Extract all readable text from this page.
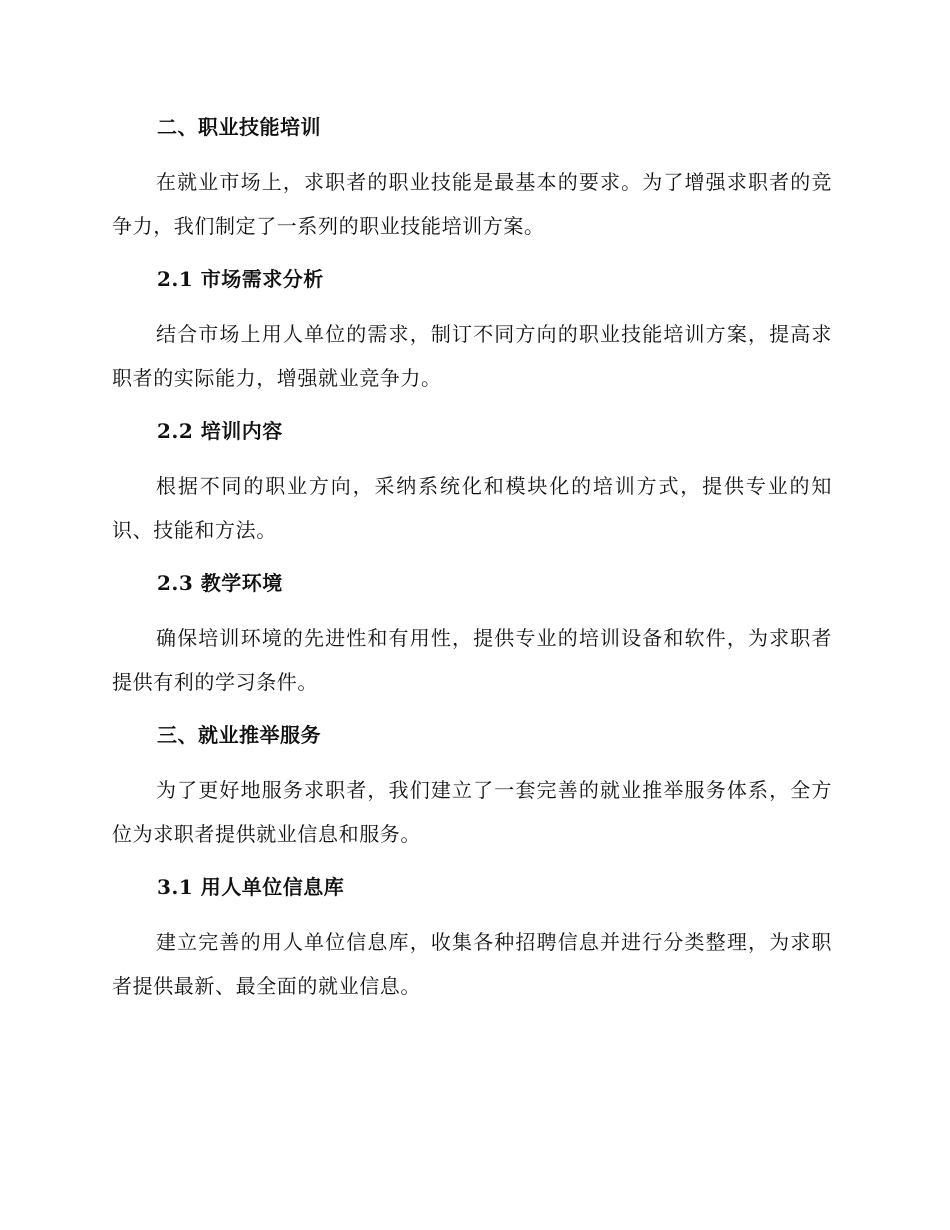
二、职业技能培训
在就业市场上，求职者的职业技能是最基本的要求。为了增强求职者的竞争力，我们制定了一系列的职业技能培训方案。
2.1 市场需求分析
结合市场上用人单位的需求，制订不同方向的职业技能培训方案，提高求职者的实际能力，增强就业竞争力。
2.2 培训内容
根据不同的职业方向，采纳系统化和模块化的培训方式，提供专业的知识、技能和方法。
2.3 教学环境
确保培训环境的先进性和有用性，提供专业的培训设备和软件，为求职者提供有利的学习条件。
三、就业推举服务
为了更好地服务求职者，我们建立了一套完善的就业推举服务体系，全方位为求职者提供就业信息和服务。
3.1 用人单位信息库
建立完善的用人单位信息库，收集各种招聘信息并进行分类整理，为求职者提供最新、最全面的就业信息。
